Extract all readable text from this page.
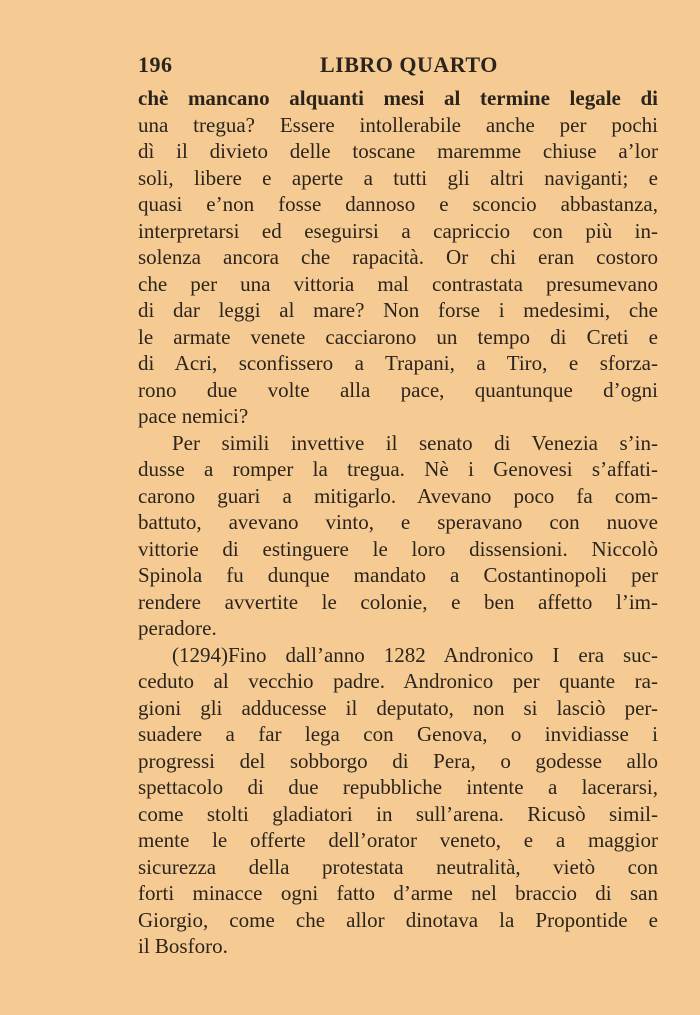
196	LIBRO QUARTO
chè mancano alquanti mesi al termine legale di
una tregua? Essere intollerabile anche per pochi
dì il divieto delle toscane maremme chiuse a’lor
soli, libere e aperte a tutti gli altri naviganti; e
quasi e’non fosse dannoso e sconcio abbastanza,
interpretarsi ed eseguirsi a capriccio con più in-
solenza ancora che rapacità. Or chi eran costoro
che per una vittoria mal contrastata presumevano
di dar leggi al mare? Non forse i medesimi, che
le armate venete cacciarono un tempo di Creti e
di Acri, sconfissero a Trapani, a Tiro, e sforza-
rono due volte alla pace, quantunque d’ogni
pace nemici?
Per simili invettive il senato di Venezia s’in-
dusse a romper la tregua. Nè i Genovesi s’affati-
carono guari a mitigarlo. Avevano poco fa com-
battuto, avevano vinto, e speravano con nuove
vittorie di estinguere le loro dissensioni. Niccolò
Spinola fu dunque mandato a Costantinopoli per
rendere avvertite le colonie, e ben affetto l’im-
peradore.
(1294)Fino dall’anno 1282 Andronico I era suc-
ceduto al vecchio padre. Andronico per quante ra-
gioni gli adducesse il deputato, non si lasciò per-
suadere a far lega con Genova, o invidiasse i
progressi del sobborgo di Pera, o godesse allo
spettacolo di due repubbliche intente a lacerarsi,
come stolti gladiatori in sull’arena. Ricusò simil-
mente le offerte dell’orator veneto, e a maggior
sicurezza della protestata neutralità, vietò con
forti minacce ogni fatto d’arme nel braccio di san
Giorgio, come che allor dinotava la Propontide e
il Bosforo.
